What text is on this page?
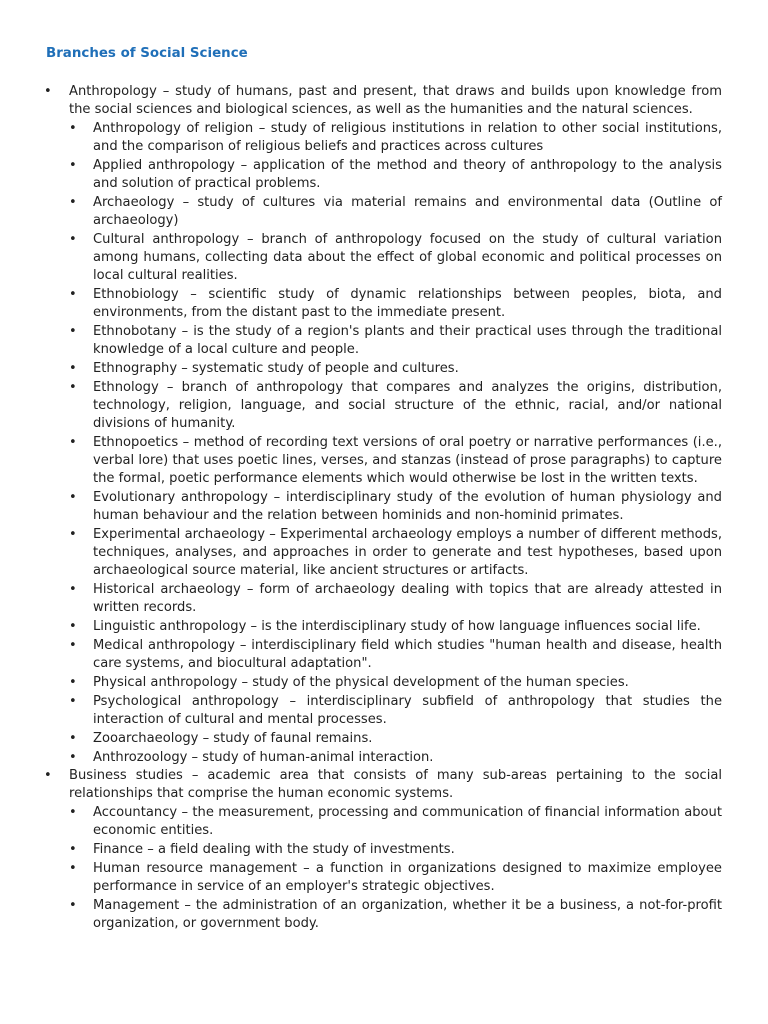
Branches of Social Science
• Anthropology – study of humans, past and present, that draws and builds upon knowledge from the social sciences and biological sciences, as well as the humanities and the natural sciences.
• Anthropology of religion – study of religious institutions in relation to other social institutions, and the comparison of religious beliefs and practices across cultures
• Applied anthropology – application of the method and theory of anthropology to the analysis and solution of practical problems.
• Archaeology – study of cultures via material remains and environmental data (Outline of archaeology)
• Cultural anthropology – branch of anthropology focused on the study of cultural variation among humans, collecting data about the effect of global economic and political processes on local cultural realities.
• Ethnobiology – scientific study of dynamic relationships between peoples, biota, and environments, from the distant past to the immediate present.
• Ethnobotany – is the study of a region's plants and their practical uses through the traditional knowledge of a local culture and people.
• Ethnography – systematic study of people and cultures.
• Ethnology – branch of anthropology that compares and analyzes the origins, distribution, technology, religion, language, and social structure of the ethnic, racial, and/or national divisions of humanity.
• Ethnopoetics – method of recording text versions of oral poetry or narrative performances (i.e., verbal lore) that uses poetic lines, verses, and stanzas (instead of prose paragraphs) to capture the formal, poetic performance elements which would otherwise be lost in the written texts.
• Evolutionary anthropology – interdisciplinary study of the evolution of human physiology and human behaviour and the relation between hominids and non-hominid primates.
• Experimental archaeology – Experimental archaeology employs a number of different methods, techniques, analyses, and approaches in order to generate and test hypotheses, based upon archaeological source material, like ancient structures or artifacts.
• Historical archaeology – form of archaeology dealing with topics that are already attested in written records.
• Linguistic anthropology – is the interdisciplinary study of how language influences social life.
• Medical anthropology – interdisciplinary field which studies "human health and disease, health care systems, and biocultural adaptation".
• Physical anthropology – study of the physical development of the human species.
• Psychological anthropology – interdisciplinary subfield of anthropology that studies the interaction of cultural and mental processes.
• Zooarchaeology – study of faunal remains.
• Anthrozoology – study of human-animal interaction.
• Business studies – academic area that consists of many sub-areas pertaining to the social relationships that comprise the human economic systems.
• Accountancy – the measurement, processing and communication of financial information about economic entities.
• Finance – a field dealing with the study of investments.
• Human resource management – a function in organizations designed to maximize employee performance in service of an employer's strategic objectives.
• Management – the administration of an organization, whether it be a business, a not-for-profit organization, or government body.
